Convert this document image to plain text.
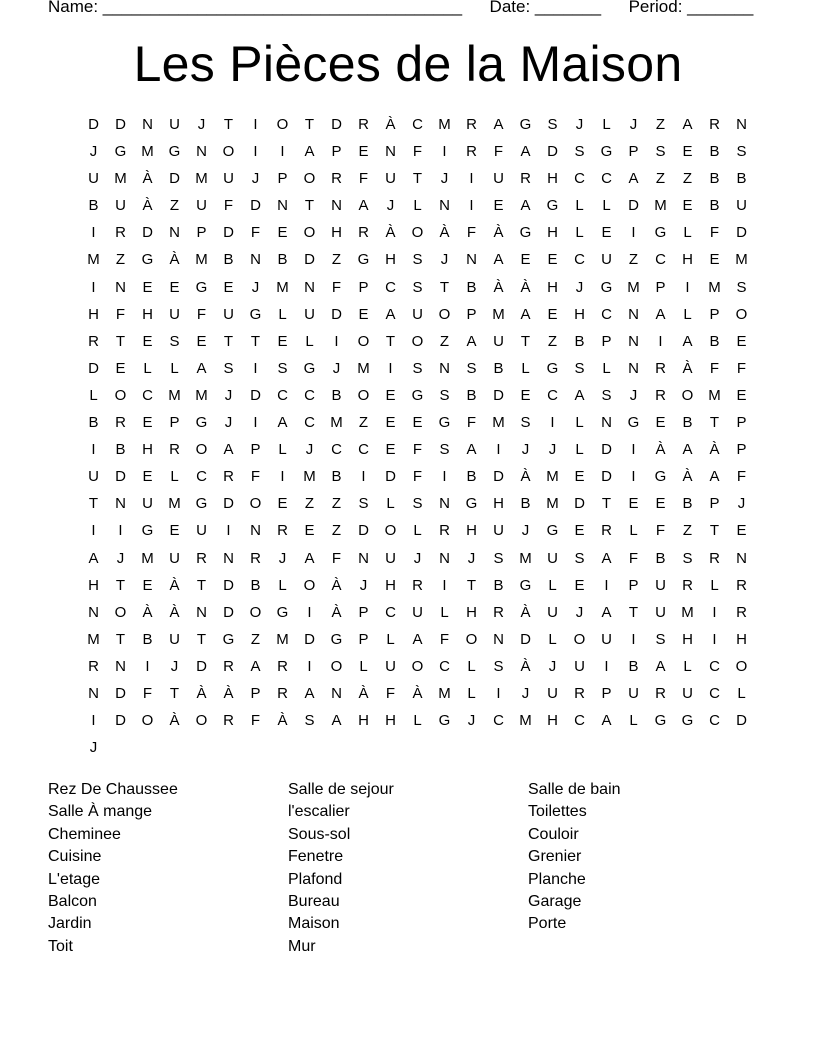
Name: ______________________________________ Date: _______ Period: _______
Les Pièces de la Maison
D	D	N	U	J	T	I	O	T	D	R	À	C	M	R	A	G	S	J	L	J	Z	A	R	N
J	G M G	N	O	I	I	A	P	E	N	F	I	R	F	A	D	S	G	P	S	E	B	S
U	M	À	D	M	U	J	P	O	R	F	U	T	J	I	U	R	H	C	C	A	Z	Z	B	B
B	U	À	Z	U	F	D	N	T	N	A	J	L	N	I	E	A	G	L	L	D	M	E	B	U
I	R	D	N	P	D	F	E	O	H	R	À	O	À	F	À	G	H	L	E	I	G	L	F	D
M	Z	G	À	M	B	N	B	D	Z	G	H	S	J	N	A	E	E	C	U	Z	C	H	E	M
I	N	E	E	G	E	J	M	N	F	P	C	S	T	B	À	À	H	J	G M	P	I	M	S
H	F	H	U	F	U	G	L	U	D	E	A	U	O	P	M	A	E	H	C	N	A	L	P	O
R	T	E	S	E	T	T	E	L	I	O	T	O	Z	A	U	T	Z	B	P	N	I	A	B	E
D	E	L	L	A	S	I	S	G	J	M	I	S	N	S	B	L	G	S	L	N	R	À	F	F
L	O	C	M M	J	D	C	C	B	O	E	G	S	B	D	E	C	A	S	J	R	O M	E
B	R	E	P	G	J	I	A	C	M	Z	E	E	G	F	M	S	I	L	N	G	E	B	T	P
I	B	H	R	O	A	P	L	J	C	C	E	F	S	A	I	J	J	L	D	I	À	A	À	P
U	D	E	L	C	R	F	I	M	B	I	D	F	I	B	D	À	M	E	D	I	G	À	A	F
T	N	U	M G	D	O	E	Z	Z	S	L	S	N	G	H	B	M	D	T	E	E	B	P	J
I	I	G	E	U	I	N	R	E	Z	D	O	L	R	H	U	J	G	E	R	L	F	Z	T	E
A	J	M	U	R	N	R	J	A	F	N	U	J	N	J	S	M	U	S	A	F	B	S	R	N
H	T	E	À	T	D	B	L	O	À	J	H	R	I	T	B	G	L	E	I	P	U	R	L	R
N	O	À	À	N	D	O	G	I	À	P	C	U	L	H	R	À	U	J	A	T	U	M	I	R
M	T	B	U	T	G	Z	M	D	G	P	L	A	F	O	N	D	L	O	U	I	S	H	I	H
R	N	I	J	D	R	A	R	I	O	L	U	O	C	L	S	À	J	U	I	B	A	L	C	O
N	D	F	T	À	À	P	R	A	N	À	F	À	M	L	I	J	U	R	P	U	R	U	C	L
I	D	O	À	O	R	F	À	S	A	H	H	L	G	J	C	M	H	C	A	L	G	G	C	D
J
Rez De Chaussee
Salle À mange
Cheminee
Cuisine
L'etage
Balcon
Jardin
Toit
Salle de sejour
l'escalier
Sous-sol
Fenetre
Plafond
Bureau
Maison
Mur
Salle de bain
Toilettes
Couloir
Grenier
Planche
Garage
Porte
